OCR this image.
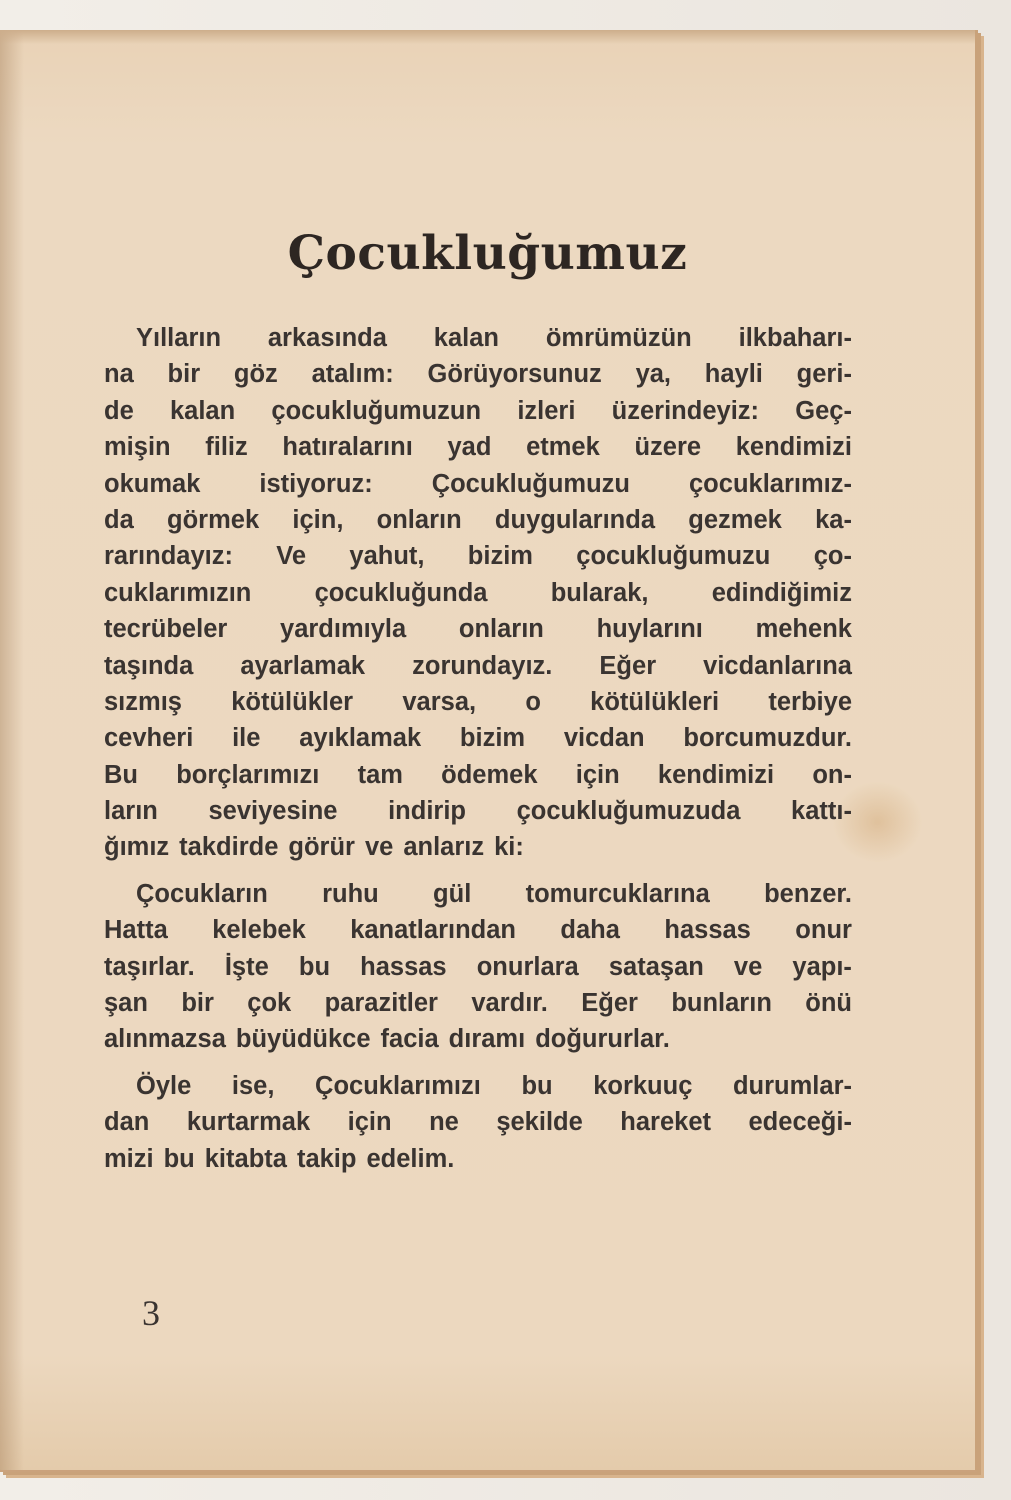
Çocukluğumuz
Yılların arkasında kalan ömrümüzün ilkbaharı-
na bir göz atalım: Görüyorsunuz ya, hayli geri-
de kalan çocukluğumuzun izleri üzerindeyiz: Geç-
mişin filiz hatıralarını yad etmek üzere kendimizi
okumak istiyoruz: Çocukluğumuzu çocuklarımız-
da görmek için, onların duygularında gezmek ka-
rarındayız: Ve yahut, bizim çocukluğumuzu ço-
cuklarımızın çocukluğunda bularak, edindiğimiz
tecrübeler yardımıyla onların huylarını mehenk
taşında ayarlamak zorundayız. Eğer vicdanlarına
sızmış kötülükler varsa, o kötülükleri terbiye
cevheri ile ayıklamak bizim vicdan borcumuzdur.
Bu borçlarımızı tam ödemek için kendimizi on-
ların seviyesine indirip çocukluğumuzuda kattı-
ğımız takdirde görür ve anlarız ki:
Çocukların ruhu gül tomurcuklarına benzer.
Hatta kelebek kanatlarından daha hassas onur
taşırlar. İşte bu hassas onurlara sataşan ve yapı-
şan bir çok parazitler vardır. Eğer bunların önü
alınmazsa büyüdükce facia dıramı doğururlar.
Öyle ise, Çocuklarımızı bu korkuuç durumlar-
dan kurtarmak için ne şekilde hareket edeceği-
mizi bu kitabta takip edelim.
3
